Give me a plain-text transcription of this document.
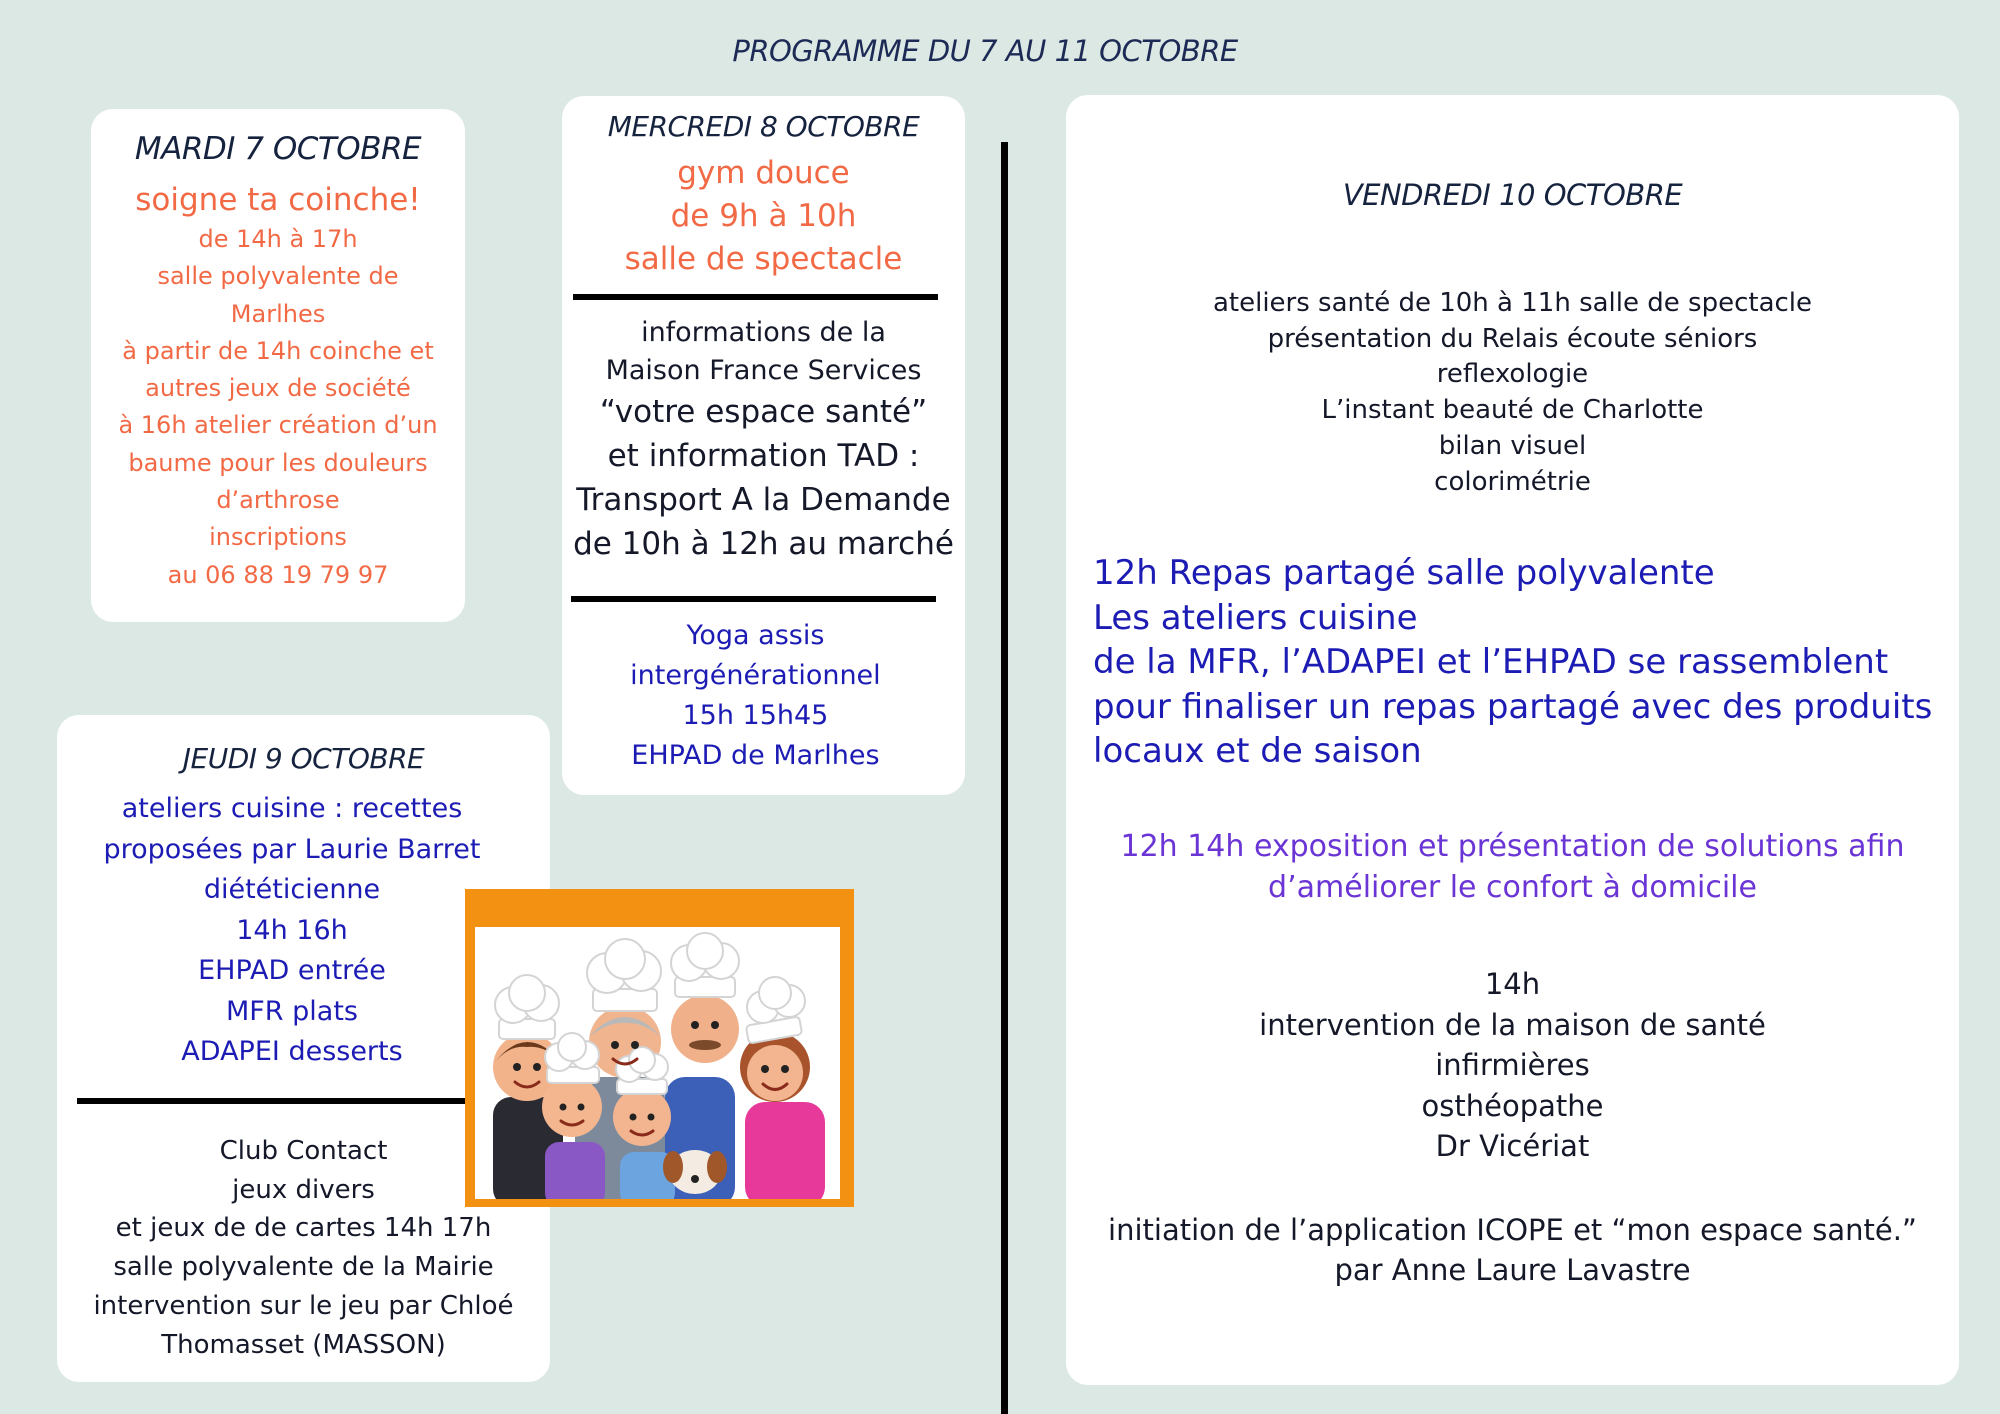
PROGRAMME DU 7 AU 11 OCTOBRE
MARDI 7 OCTOBRE
soigne ta coinche!
de 14h à 17h
salle polyvalente de
Marlhes
à partir de 14h coinche et
autres jeux de société
à 16h atelier création d’un
baume pour les douleurs
d’arthrose
inscriptions
au 06 88 19 79 97
MERCREDI 8 OCTOBRE
gym douce
de 9h à 10h
salle de spectacle
informations de la
Maison France Services
“votre espace santé”
et information TAD :
Transport A la Demande
de 10h à 12h au marché
Yoga assis
intergénérationnel
15h 15h45
EHPAD de Marlhes
JEUDI 9 OCTOBRE
ateliers cuisine : recettes
proposées par Laurie Barret
diététicienne
14h 16h
EHPAD entrée
MFR plats
ADAPEI desserts
Club Contact
jeux divers
et jeux de de cartes 14h 17h
salle polyvalente de la Mairie
intervention sur le jeu par Chloé
Thomasset (MASSON)
VENDREDI 10 OCTOBRE
ateliers santé de 10h à 11h salle de spectacle
présentation du Relais écoute séniors
reflexologie
L’instant beauté de Charlotte
bilan visuel
colorimétrie
12h Repas partagé salle polyvalente
Les ateliers cuisine
de la MFR, l’ADAPEI et l’EHPAD se rassemblent
pour finaliser un repas partagé avec des produits
locaux et de saison
12h 14h exposition et présentation de solutions afin
d’améliorer le confort à domicile
14h
intervention de la maison de santé
infirmières
osthéopathe
Dr Vicériat
initiation de l’application ICOPE et “mon espace santé.”
par Anne Laure Lavastre
